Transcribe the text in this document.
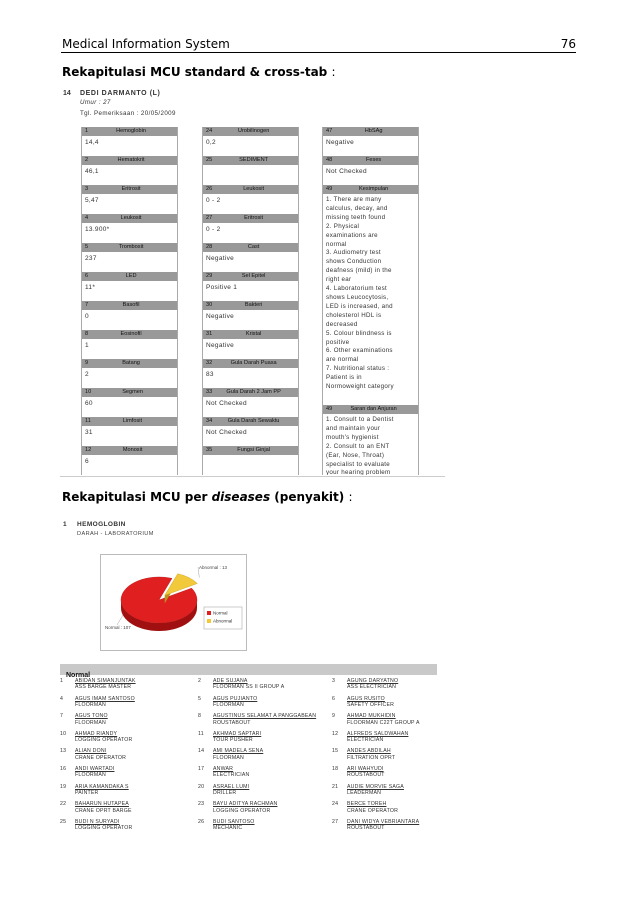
Medical Information System	76
Rekapitulasi MCU standard & cross-tab :
14 DEDI DARMANTO (L)
Umur : 27
Tgl. Pemeriksaan : 20/05/2009
1	Hemoglobin
14,4
2	Hematokrit
46,1
3	Eritrosit
5,47
4	Leukosit
13.900*
5	Trombosit
237
6	LED
11*
7	Basofil
0
8	Eosinofil
1
9	Batang
2
10	Segmen
60
11	Limfosit
31
12	Monosit
6
24	Urobilinogen
0,2
25	SEDIMENT
26	Leukosit
0 - 2
27	Eritrosit
0 - 2
28	Cast
Negative
29	Sel Epitel
Positive 1
30	Bakteri
Negative
31	Kristal
Negative
32	Gula Darah Puasa
83
33	Gula Darah 2 Jam PP
Not Checked
34	Gula Darah Sewaktu
Not Checked
35	Fungsi Ginjal
47	HbSAg
Negative
48	Feses
Not Checked
49	Kesimpulan
1. There are many
calculus, decay, and
missing teeth found
2. Physical
examinations are
normal
3. Audiometry test
shows Conduction
deafness (mild) in the
right ear
4. Laboratorium test
shows Leucocytosis,
LED is increased, and
cholesterol HDL is
decreased
5. Colour blindness is
positive
6. Other examinations
are normal
7. Nutritional status :
Patient is in
Normoweight category
49	Saran dan Anjuran
1. Consult to a Dentist
and maintain your
mouth's hygienist
2. Consult to an ENT
(Ear, Nose, Throat)
specialist to evaluate
your hearing problem
Rekapitulasi MCU per diseases (penyakit) :
1 HEMOGLOBIN
DARAH - LABORATORIUM
Abnormal : 13
Normal : 107
Normal
Abnormal
Normal
1	ABIDAN SIMANJUNTAK
ASS BARGE MASTER
2	ADE SUJANA
FLOORMAN SS II GROUP A
3	AGUNG DARYATNO
ASS ELECTRICIAN
4	AGUS IMAM SANTOSO
FLOORMAN
5	AGUS PUJIANTO
FLOORMAN
6	AGUS RUSITO
SAFETY OFFICER
7	AGUS TONO
FLOORMAN
8	AGUSTINUS SELAMAT A PANGGABEAN
ROUSTABOUT
9	AHMAD MUKHIDIN
FLOORMAN C22T GROUP A
10	AHMAD RIANDY
LOGGING OPERATOR
11	AKHMAD SAPTARI
TOUR PUSHER
12	ALFREDS SALDWAHAN
ELECTRICIAN
13	ALIAN DONI
CRANE OPERATOR
14	AMI MADELA SENA
FLOORMAN
15	ANDES ABDILAH
FILTRATION OPRT
16	ANDI WARTADI
FLOORMAN
17	ANWAR
ELECTRICIAN
18	ARI WAHYUDI
ROUSTABOUT
19	ARIA KAMANDAKA S
PAINTER
20	ASRAEL LUMI
DRILLER
21	AUDIE MORVIE SAGA
LEADERMAN
22	BAHARUN HUTAPEA
CRANE OPRT BARGE
23	BAYU ADITYA RACHMAN
LOGGING OPERATOR
24	BERCE TOREH
CRANE OPERATOR
25	BUDI N SURYADI
LOGGING OPERATOR
26	BUDI SANTOSO
MECHANIC
27	DANI WIDYA VEBRIANTARA
ROUSTABOUT
